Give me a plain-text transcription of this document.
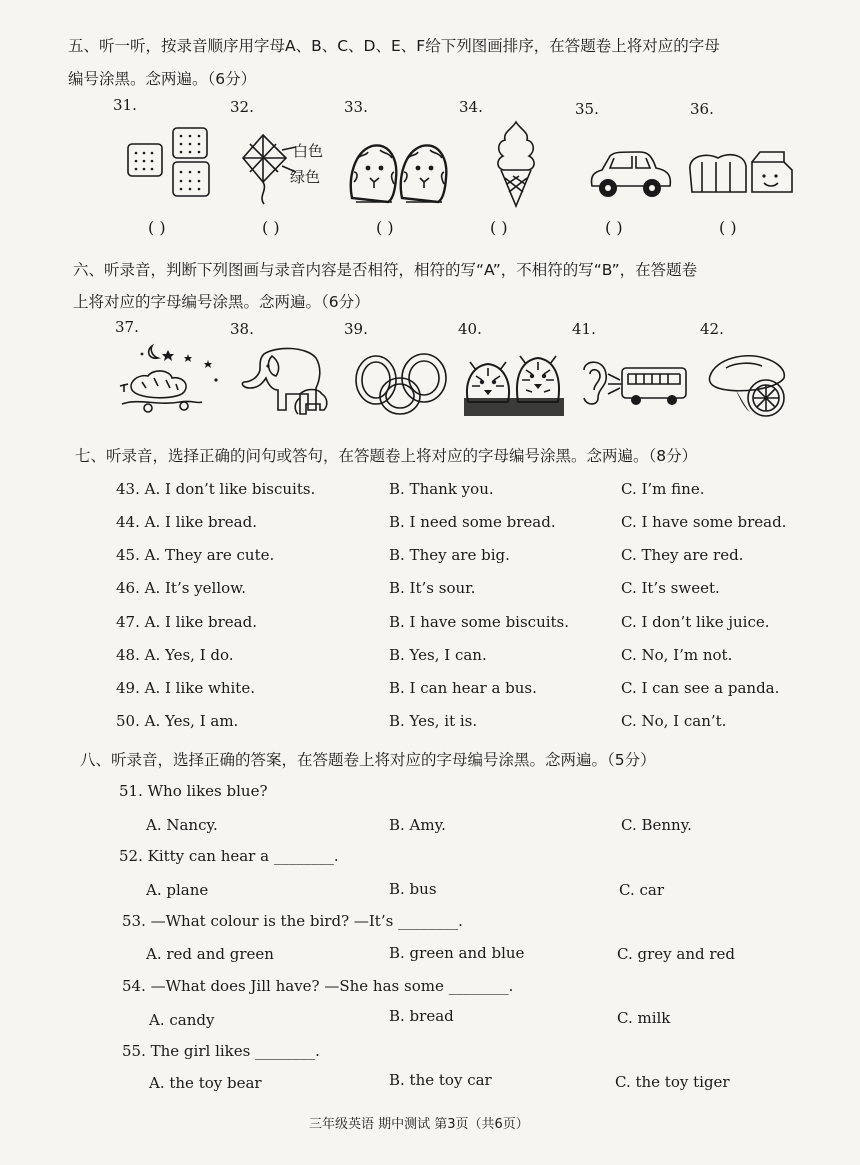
五、听一听，按录音顺序用字母A、B、C、D、E、F给下列图画排序，在答题卷上将对应的字母
编号涂黑。念两遍。（6分）
31.	32.	33.	34.	35.	36.
白色
绿色
( )	( )	( )	( )	( )	( )
六、听录音，判断下列图画与录音内容是否相符，相符的写“A”，不相符的写“B”，在答题卷
上将对应的字母编号涂黑。念两遍。（6分）
37.	38.	39.	40.	41.	42.
七、听录音，选择正确的问句或答句，在答题卷上将对应的字母编号涂黑。念两遍。（8分）
43. A. I don’t like biscuits.	B. Thank you.	C. I’m fine.
44. A. I like bread.	B. I need some bread.	C. I have some bread.
45. A. They are cute.	B. They are big.	C. They are red.
46. A. It’s yellow.	B. It’s sour.	C. It’s sweet.
47. A. I like bread.	B. I have some biscuits.	C. I don’t like juice.
48. A. Yes, I do.	B. Yes, I can.	C. No, I’m not.
49. A. I like white.	B. I can hear a bus.	C. I can see a panda.
50. A. Yes, I am.	B. Yes, it is.	C. No, I can’t.
八、听录音，选择正确的答案，在答题卷上将对应的字母编号涂黑。念两遍。（5分）
51. Who likes blue?
A. Nancy.	B. Amy.	C. Benny.
52. Kitty can hear a ________.
A. plane	B. bus	C. car
53. —What colour is the bird? —It’s ________.
A. red and green	B. green and blue	C. grey and red
54. —What does Jill have? —She has some ________.
A. candy	B. bread	C. milk
55. The girl likes ________.
A. the toy bear	B. the toy car	C. the toy tiger
三年级英语 期中测试 第3页（共6页）
